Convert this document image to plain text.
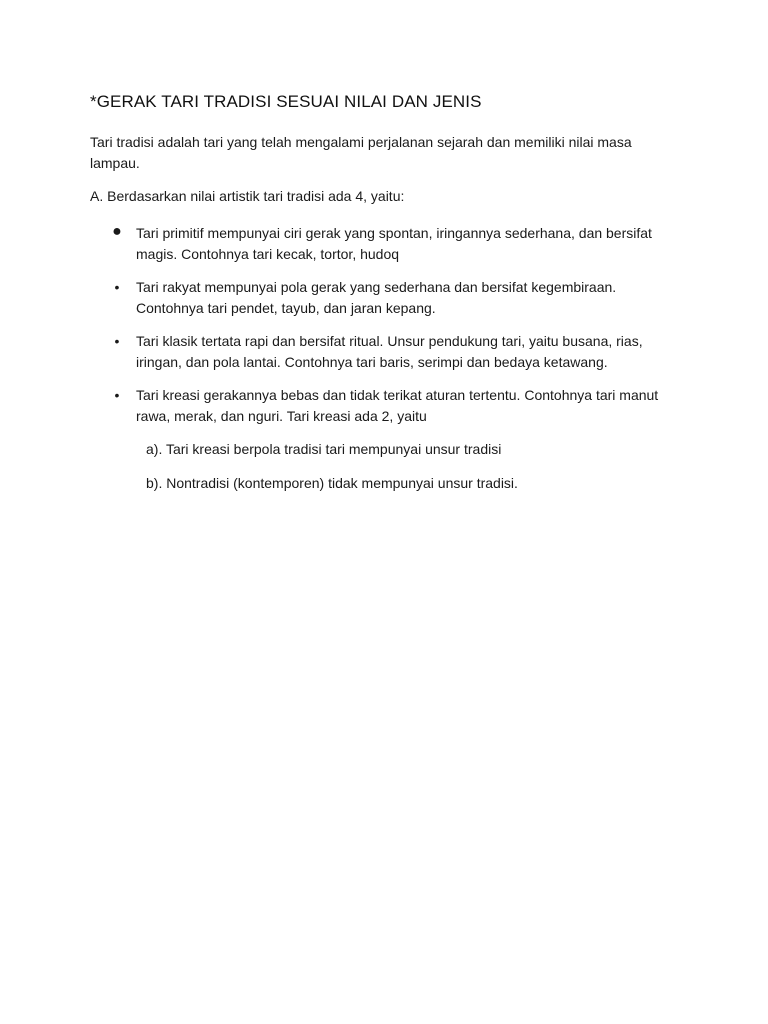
*GERAK TARI TRADISI SESUAI NILAI DAN JENIS

Tari tradisi adalah tari yang telah mengalami perjalanan sejarah dan memiliki nilai masa lampau.

A. Berdasarkan nilai artistik tari tradisi ada 4, yaitu:

● Tari primitif mempunyai ciri gerak yang spontan, iringannya sederhana, dan bersifat magis. Contohnya tari kecak, tortor, hudoq
• Tari rakyat mempunyai pola gerak yang sederhana dan bersifat kegembiraan. Contohnya tari pendet, tayub, dan jaran kepang.
• Tari klasik tertata rapi dan bersifat ritual. Unsur pendukung tari, yaitu busana, rias, iringan, dan pola lantai. Contohnya tari baris, serimpi dan bedaya ketawang.
• Tari kreasi gerakannya bebas dan tidak terikat aturan tertentu. Contohnya tari manut rawa, merak, dan nguri. Tari kreasi ada 2, yaitu

a). Tari kreasi berpola tradisi tari mempunyai unsur tradisi

b). Nontradisi (kontemporen) tidak mempunyai unsur tradisi.
